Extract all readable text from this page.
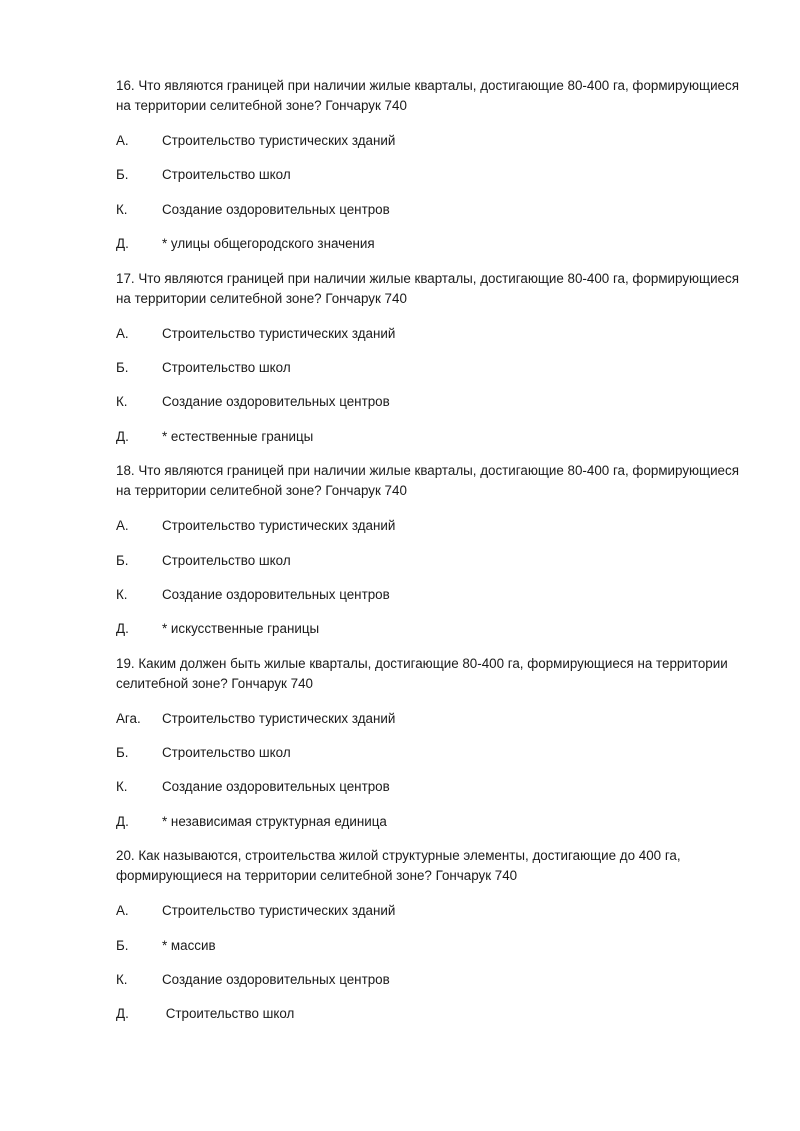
16. Что являются границей при наличии жилые кварталы, достигающие 80-400 га, формирующиеся на территории селитебной зоне? Гончарук 740

А.	Строительство туристических зданий
Б.	Строительство школ
К.	Создание оздоровительных центров
Д.	* улицы общегородского значения

17. Что являются границей при наличии жилые кварталы, достигающие 80-400 га, формирующиеся на территории селитебной зоне? Гончарук 740

А.	Строительство туристических зданий
Б.	Строительство школ
К.	Создание оздоровительных центров
Д.	* естественные границы

18. Что являются границей при наличии жилые кварталы, достигающие 80-400 га, формирующиеся на территории селитебной зоне? Гончарук 740

А.	Строительство туристических зданий
Б.	Строительство школ
К.	Создание оздоровительных центров
Д.	* искусственные границы

19. Каким должен быть жилые кварталы, достигающие 80-400 га, формирующиеся на территории селитебной зоне? Гончарук 740

Ага.	Строительство туристических зданий
Б.	Строительство школ
К.	Создание оздоровительных центров
Д.	* независимая структурная единица

20. Как называются, строительства жилой структурные элементы, достигающие до 400 га, формирующиеся на территории селитебной зоне? Гончарук 740

А.	Строительство туристических зданий
Б.	* массив
К.	Создание оздоровительных центров
Д.	Строительство школ
